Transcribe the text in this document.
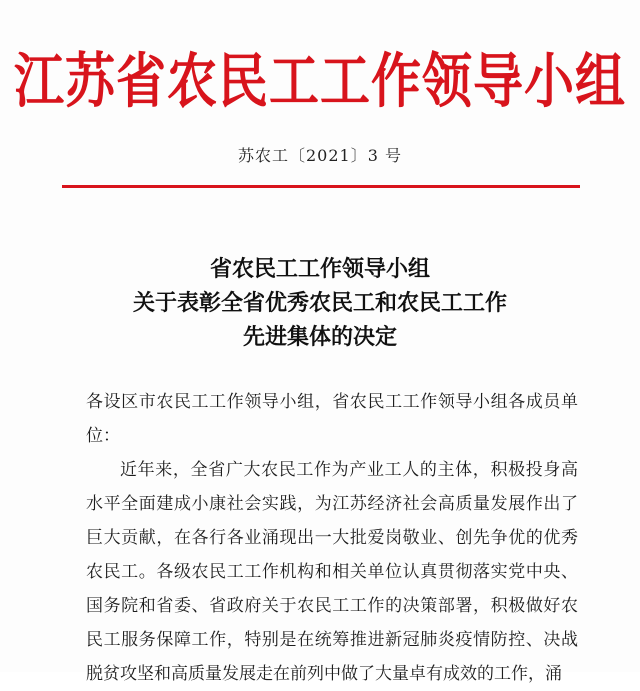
江苏省农民工工作领导小组
苏农工〔2021〕3 号
省农民工工作领导小组
关于表彰全省优秀农民工和农民工工作
先进集体的决定

各设区市农民工工作领导小组，省农民工工作领导小组各成员单位：

近年来，全省广大农民工作为产业工人的主体，积极投身高水平全面建成小康社会实践，为江苏经济社会高质量发展作出了巨大贡献，在各行各业涌现出一大批爱岗敬业、创先争优的优秀农民工。各级农民工工作机构和相关单位认真贯彻落实党中央、国务院和省委、省政府关于农民工工作的决策部署，积极做好农民工服务保障工作，特别是在统筹推进新冠肺炎疫情防控、决战脱贫攻坚和高质量发展走在前列中做了大量卓有成效的工作，涌
